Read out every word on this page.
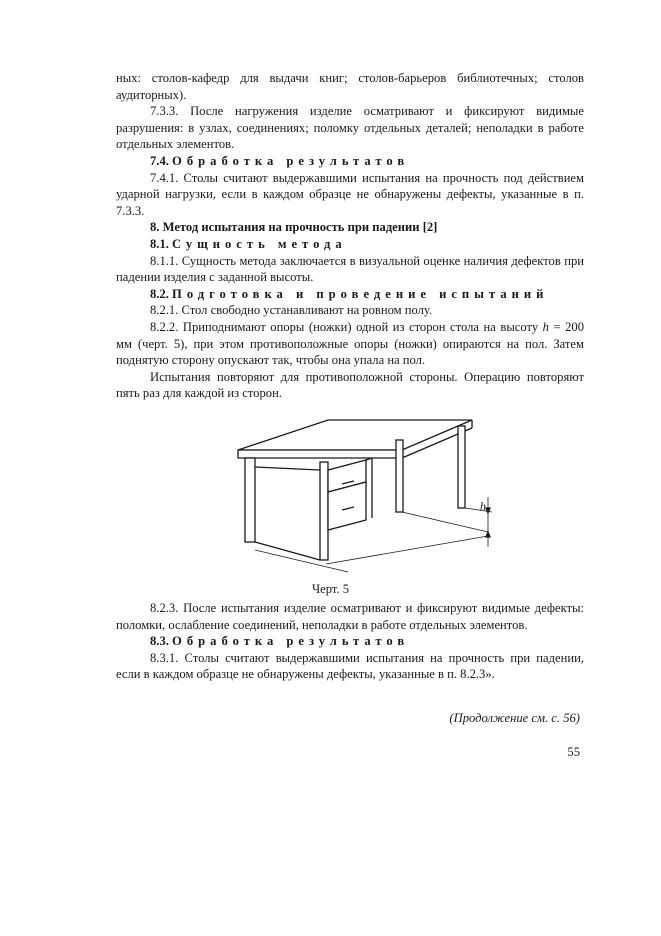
ных: столов-кафедр для выдачи книг; столов-барьеров библиотечных; столов аудиторных).

7.3.3. После нагружения изделие осматривают и фиксируют видимые разрушения: в узлах, соединениях; поломку отдельных деталей; неполадки в работе отдельных элементов.

7.4. Обработка результатов

7.4.1. Столы считают выдержавшими испытания на прочность под действием ударной нагрузки, если в каждом образце не обнаружены дефекты, указанные в п. 7.3.3.

8. Метод испытания на прочность при падении [2]

8.1. Сущность метода

8.1.1. Сущность метода заключается в визуальной оценке наличия дефектов при падении изделия с заданной высоты.

8.2. Подготовка и проведение испытаний

8.2.1. Стол свободно устанавливают на ровном полу.

8.2.2. Приподнимают опоры (ножки) одной из сторон стола на высоту h = 200 мм (черт. 5), при этом противоположные опоры (ножки) опираются на пол. Затем поднятую сторону опускают так, чтобы она упала на пол.

Испытания повторяют для противоположной стороны. Операцию повторяют пять раз для каждой из сторон.

h
Черт. 5

8.2.3. После испытания изделие осматривают и фиксируют видимые дефекты: поломки, ослабление соединений, неполадки в работе отдельных элементов.

8.3. Обработка результатов

8.3.1. Столы считают выдержавшими испытания на прочность при падении, если в каждом образце не обнаружены дефекты, указанные в п. 8.2.3».

(Продолжение см. с. 56)
55
